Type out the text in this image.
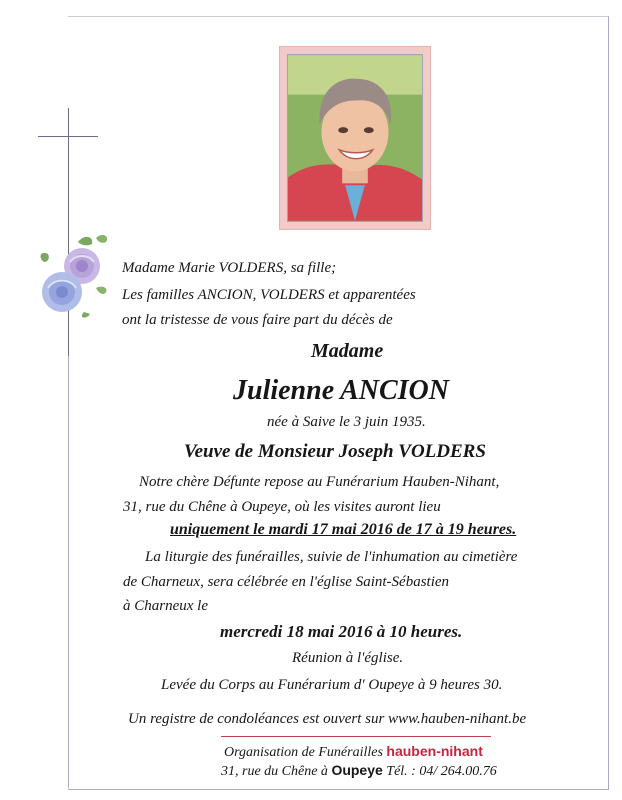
Madame Marie VOLDERS, sa fille;
Les familles ANCION, VOLDERS et apparentées
ont la tristesse de vous faire part du décès de
Madame
Julienne ANCION
née à Saive le 3 juin 1935.
Veuve de Monsieur Joseph VOLDERS
Notre chère Défunte repose au Funérarium Hauben-Nihant,
31, rue du Chêne à Oupeye, où les visites auront lieu
uniquement le mardi 17 mai 2016 de 17 à 19 heures.
La liturgie des funérailles, suivie de l'inhumation au cimetière
de Charneux, sera célébrée en l'église Saint-Sébastien
à Charneux le
mercredi 18 mai 2016 à 10 heures.
Réunion à l'église.
Levée du Corps au Funérarium d' Oupeye à 9 heures 30.
Un registre de condoléances est ouvert sur www.hauben-nihant.be
Organisation de Funérailles hauben-nihant
31, rue du Chêne à Oupeye Tél. : 04/ 264.00.76
